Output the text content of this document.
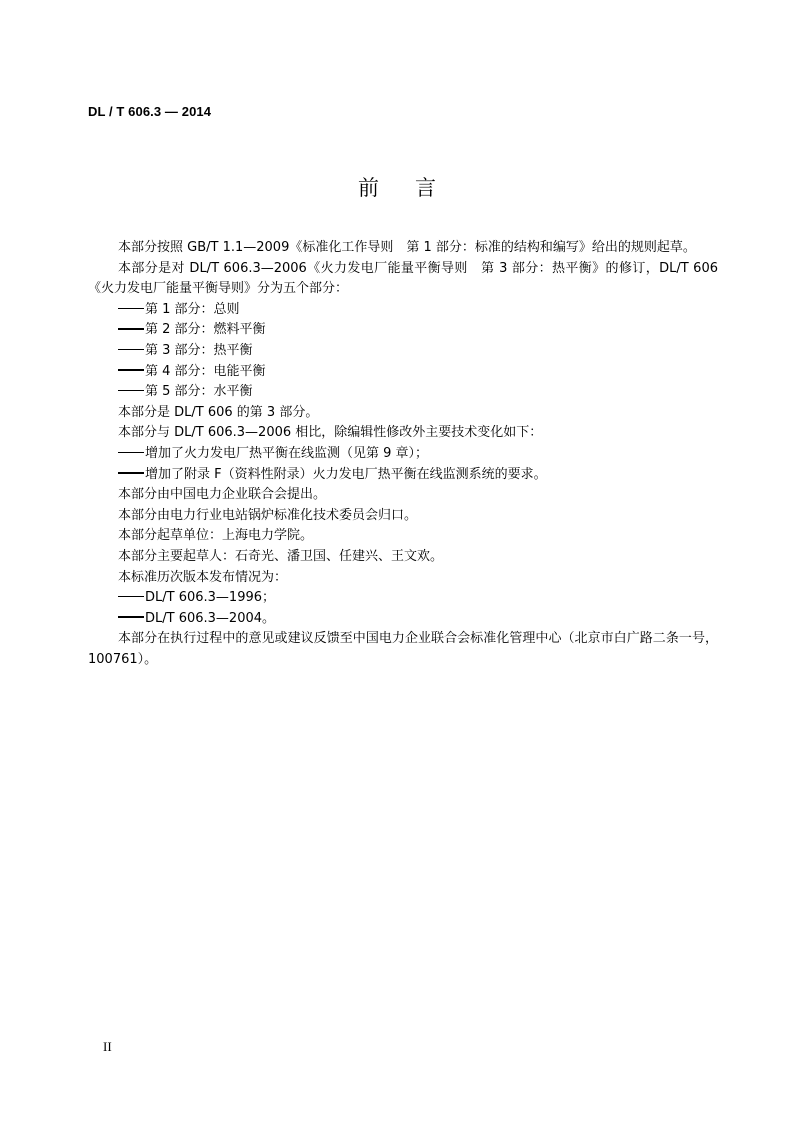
DL / T 606.3 — 2014
前言

本部分按照 GB/T 1.1—2009《标准化工作导则　第 1 部分：标准的结构和编写》给出的规则起草。

本部分是对 DL/T 606.3—2006《火力发电厂能量平衡导则　第 3 部分：热平衡》的修订，DL/T 606《火力发电厂能量平衡导则》分为五个部分：

第 1 部分：总则

第 2 部分：燃料平衡

第 3 部分：热平衡

第 4 部分：电能平衡

第 5 部分：水平衡

本部分是 DL/T 606 的第 3 部分。

本部分与 DL/T 606.3—2006 相比，除编辑性修改外主要技术变化如下：

增加了火力发电厂热平衡在线监测（见第 9 章）；

增加了附录 F（资料性附录）火力发电厂热平衡在线监测系统的要求。

本部分由中国电力企业联合会提出。

本部分由电力行业电站锅炉标准化技术委员会归口。

本部分起草单位：上海电力学院。

本部分主要起草人：石奇光、潘卫国、任建兴、王文欢。

本标准历次版本发布情况为：

DL/T 606.3—1996；

DL/T 606.3—2004。

本部分在执行过程中的意见或建议反馈至中国电力企业联合会标准化管理中心（北京市白广路二条一号，100761）。

II
